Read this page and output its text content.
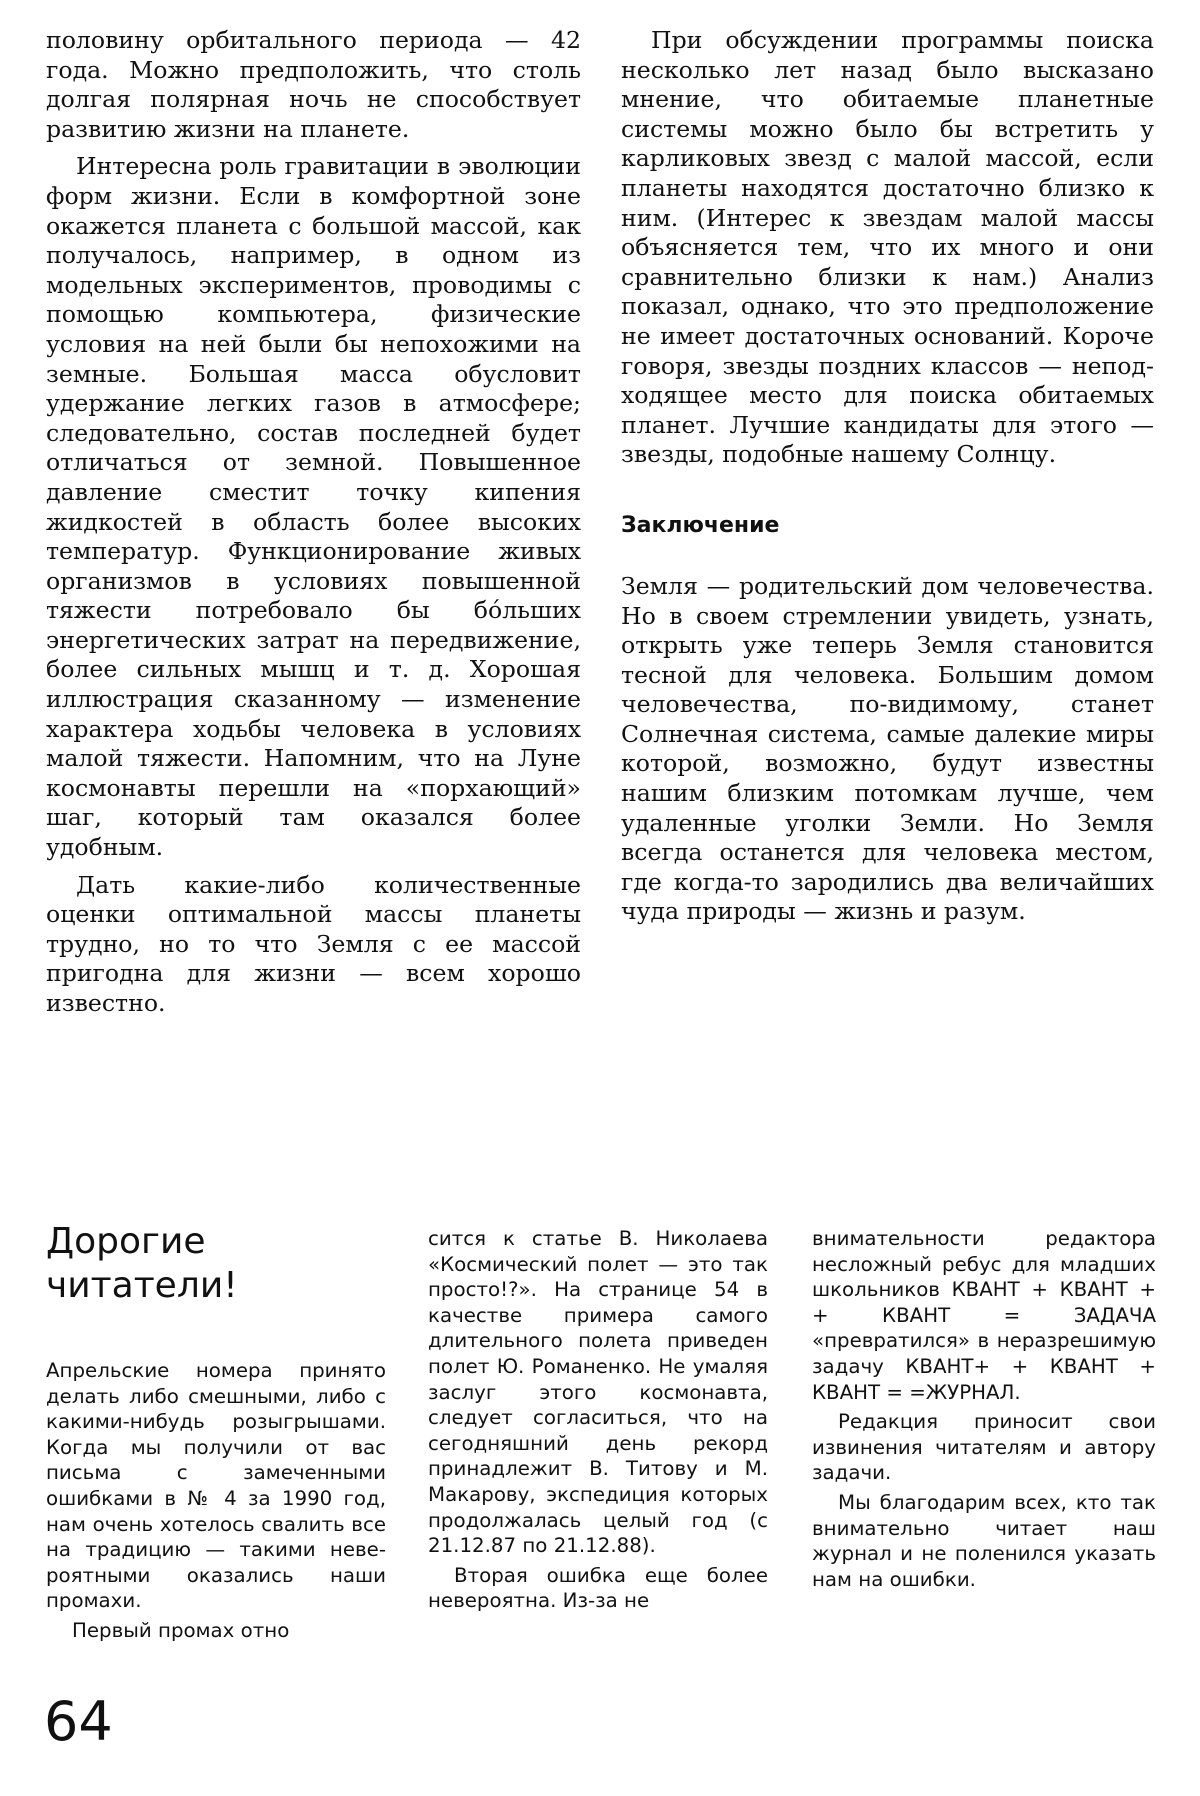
половину орбитального периода — 42 года. Можно предположить, что столь долгая полярная ночь не способствует развитию жизни на планете.

Интересна роль гравитации в эволюции форм жизни. Если в комфортной зоне окажется планета с большой массой, как получалось, например, в одном из модельных экспериментов, проводимы с помощью компьютера, физические условия на ней были бы непохожими на земные. Большая масса обусловит удержание легких газов в атмосфере; следовательно, состав последней будет отличаться от земной. Повышенное давление сместит точку кипения жидкостей в область более высоких температур. Функционирование живых организмов в условиях повышенной тяжести потребовало бы бо́льших энергетических затрат на передвижение, более сильных мышц и т. д. Хорошая иллюстрация сказанному — изменение характера ходьбы человека в условиях малой тяжести. Напомним, что на Луне космонавты перешли на «порхающий» шаг, который там оказался более удобным.

Дать какие-либо количественные оценки оптимальной массы планеты трудно, но то что Земля с ее массой пригодна для жизни — всем хорошо известно.

При обсуждении программы поиска несколько лет назад было высказано мнение, что обитаемые планетные системы можно было бы встретить у карликовых звезд с малой массой, если планеты находятся достаточно близко к ним. (Интерес к звездам малой массы объясняется тем, что их много и они сравнительно близки к нам.) Анализ показал, однако, что это предположение не имеет достаточных оснований. Короче говоря, звезды поздних классов — неподходящее место для поиска обитаемых планет. Лучшие кандидаты для этого — звезды, подобные нашему Солнцу.

Заключение

Земля — родительский дом человечества. Но в своем стремлении увидеть, узнать, открыть уже теперь Земля становится тесной для человека. Большим домом человечества, по-видимому, станет Солнечная система, самые далекие миры которой, возможно, будут известны нашим близким потомкам лучше, чем удаленные уголки Земли. Но Земля всегда останется для человека местом, где когда-то зародились два величайших чуда природы — жизнь и разум.

Дорогие читатели!

Апрельские номера принято делать либо смешными, либо с какими-нибудь розыгрышами. Когда мы получили от вас письма с замеченными ошибками в № 4 за 1990 год, нам очень хотелось свалить все на традицию — такими невероятными оказались наши промахи.

Первый промах отно

сится к статье В. Николаева «Космический полет — это так просто!?». На странице 54 в качестве примера самого длительного полета приведен полет Ю. Романенко. Не умаляя заслуг этого космонавта, следует согласиться, что на сегодняшний день рекорд принадлежит В. Титову и М. Макарову, экспедиция которых продолжалась целый год (с 21.12.87 по 21.12.88).

Вторая ошибка еще более невероятна. Из-за не

внимательности редактора несложный ребус для младших школьников КВАНТ + КВАНТ + + КВАНТ = ЗАДАЧА «превратился» в неразрешимую задачу КВАНТ+ + КВАНТ + КВАНТ = =ЖУРНАЛ.

Редакция приносит свои извинения читателям и автору задачи.

Мы благодарим всех, кто так внимательно читает наш журнал и не поленился указать нам на ошибки.

64
